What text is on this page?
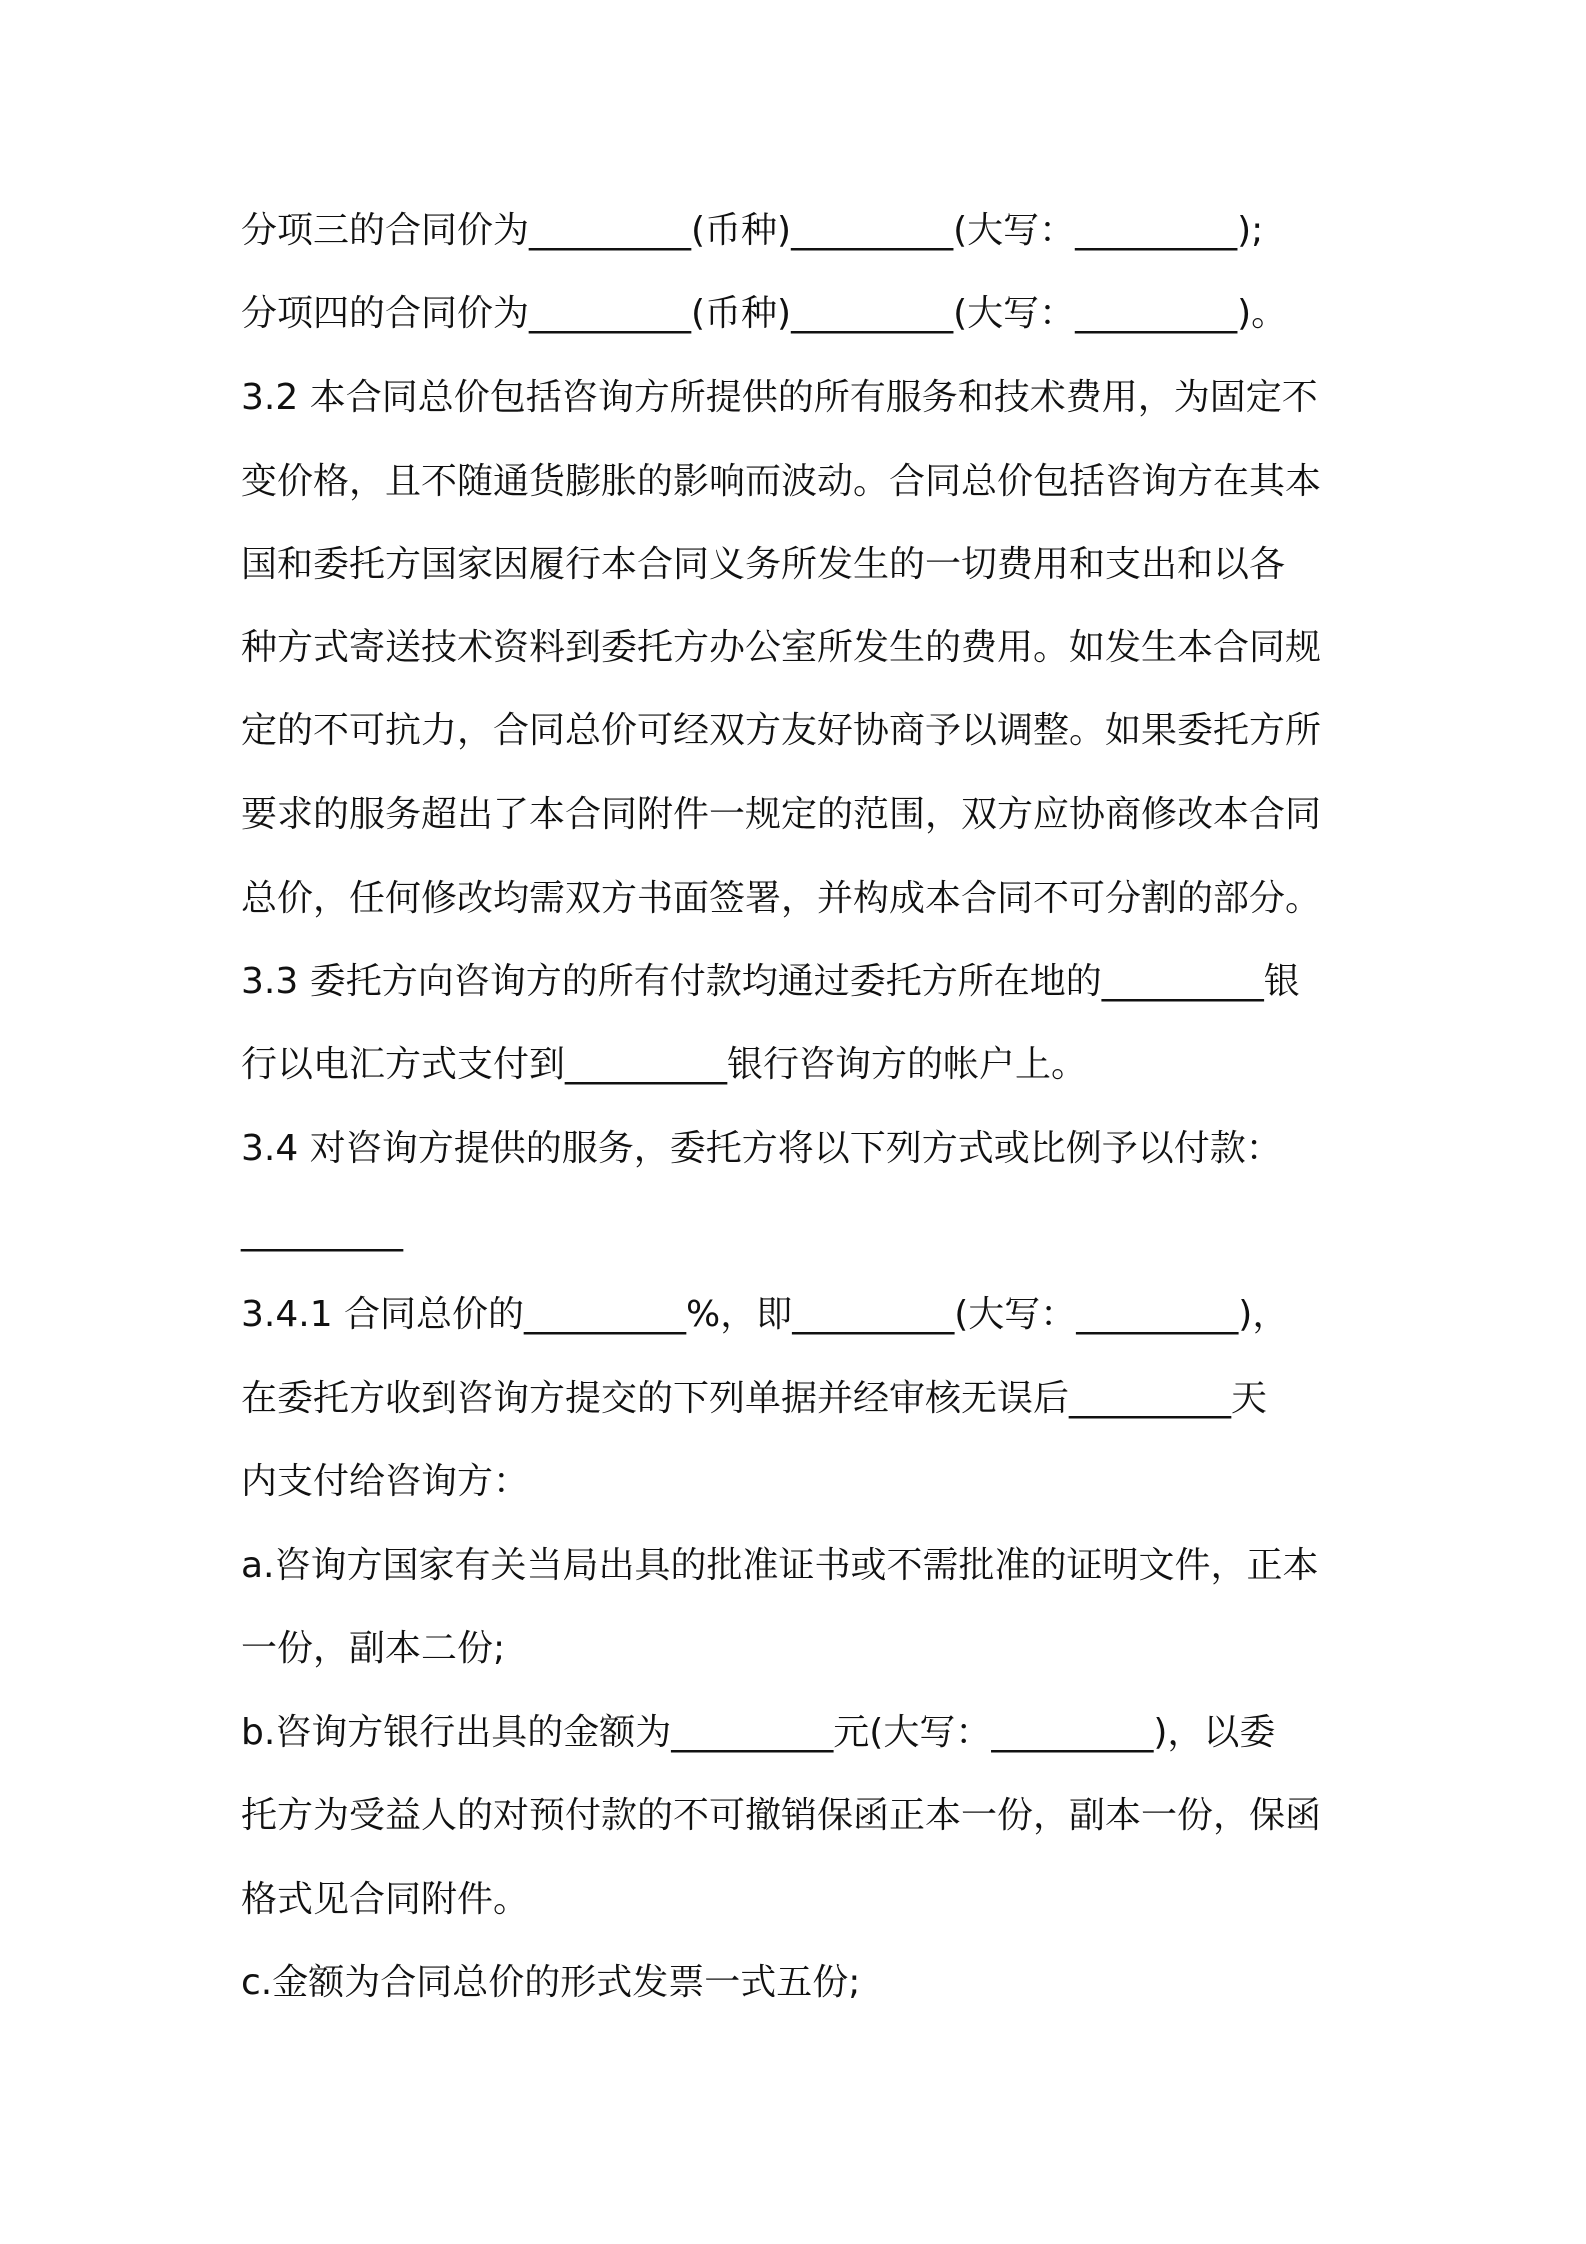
分项三的合同价为_________(币种)_________(大写：_________);
分项四的合同价为_________(币种)_________(大写：_________)。
3.2 本合同总价包括咨询方所提供的所有服务和技术费用，为固定不
变价格，且不随通货膨胀的影响而波动。合同总价包括咨询方在其本
国和委托方国家因履行本合同义务所发生的一切费用和支出和以各
种方式寄送技术资料到委托方办公室所发生的费用。如发生本合同规
定的不可抗力，合同总价可经双方友好协商予以调整。如果委托方所
要求的服务超出了本合同附件一规定的范围，双方应协商修改本合同
总价，任何修改均需双方书面签署，并构成本合同不可分割的部分。
3.3 委托方向咨询方的所有付款均通过委托方所在地的_________银
行以电汇方式支付到_________银行咨询方的帐户上。
3.4 对咨询方提供的服务，委托方将以下列方式或比例予以付款：
_________
3.4.1 合同总价的_________%，即_________(大写：_________)，
在委托方收到咨询方提交的下列单据并经审核无误后_________天
内支付给咨询方：
a.咨询方国家有关当局出具的批准证书或不需批准的证明文件，正本
一份，副本二份;
b.咨询方银行出具的金额为_________元(大写：_________)，以委
托方为受益人的对预付款的不可撤销保函正本一份，副本一份，保函
格式见合同附件。
c.金额为合同总价的形式发票一式五份;
